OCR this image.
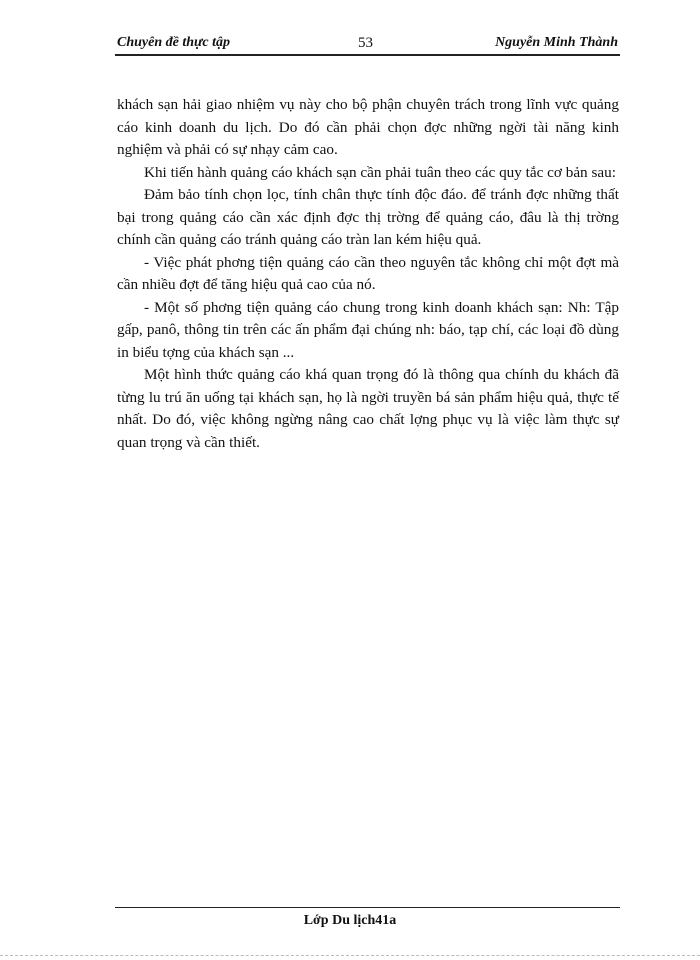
Chuyên đề thực tập	53	Nguyễn Minh Thành

khách sạn hải giao nhiệm vụ này cho bộ phận chuyên trách trong lĩnh vực quảng cáo kinh doanh du lịch. Do đó cần phải chọn đợc những ngời tài năng kinh nghiệm và phải có sự nhạy cảm cao.

Khi tiến hành quảng cáo khách sạn cần phải tuân theo các quy tắc cơ bản sau:

Đảm bảo tính chọn lọc, tính chân thực tính độc đáo. để tránh đợc những thất bại trong quảng cáo cần xác định đợc thị trờng để quảng cáo, đâu là thị trờng chính cần quảng cáo tránh quảng cáo tràn lan kém hiệu quả.

- Việc phát phơng tiện quảng cáo cần theo nguyên tắc không chỉ một đợt mà cần nhiều đợt để tăng hiệu quả cao của nó.

- Một số phơng tiện quảng cáo chung trong kinh doanh khách sạn: Nh: Tập gấp, panô, thông tin trên các ấn phẩm đại chúng nh: báo, tạp chí, các loại đồ dùng in biểu tợng của khách sạn ...

Một hình thức quảng cáo khá quan trọng đó là thông qua chính du khách đã từng lu trú ăn uống tại khách sạn, họ là ngời truyền bá sản phẩm hiệu quả, thực tế nhất. Do đó, việc không ngừng nâng cao chất lợng phục vụ là việc làm thực sự quan trọng và cần thiết.

Lớp Du lịch41a
